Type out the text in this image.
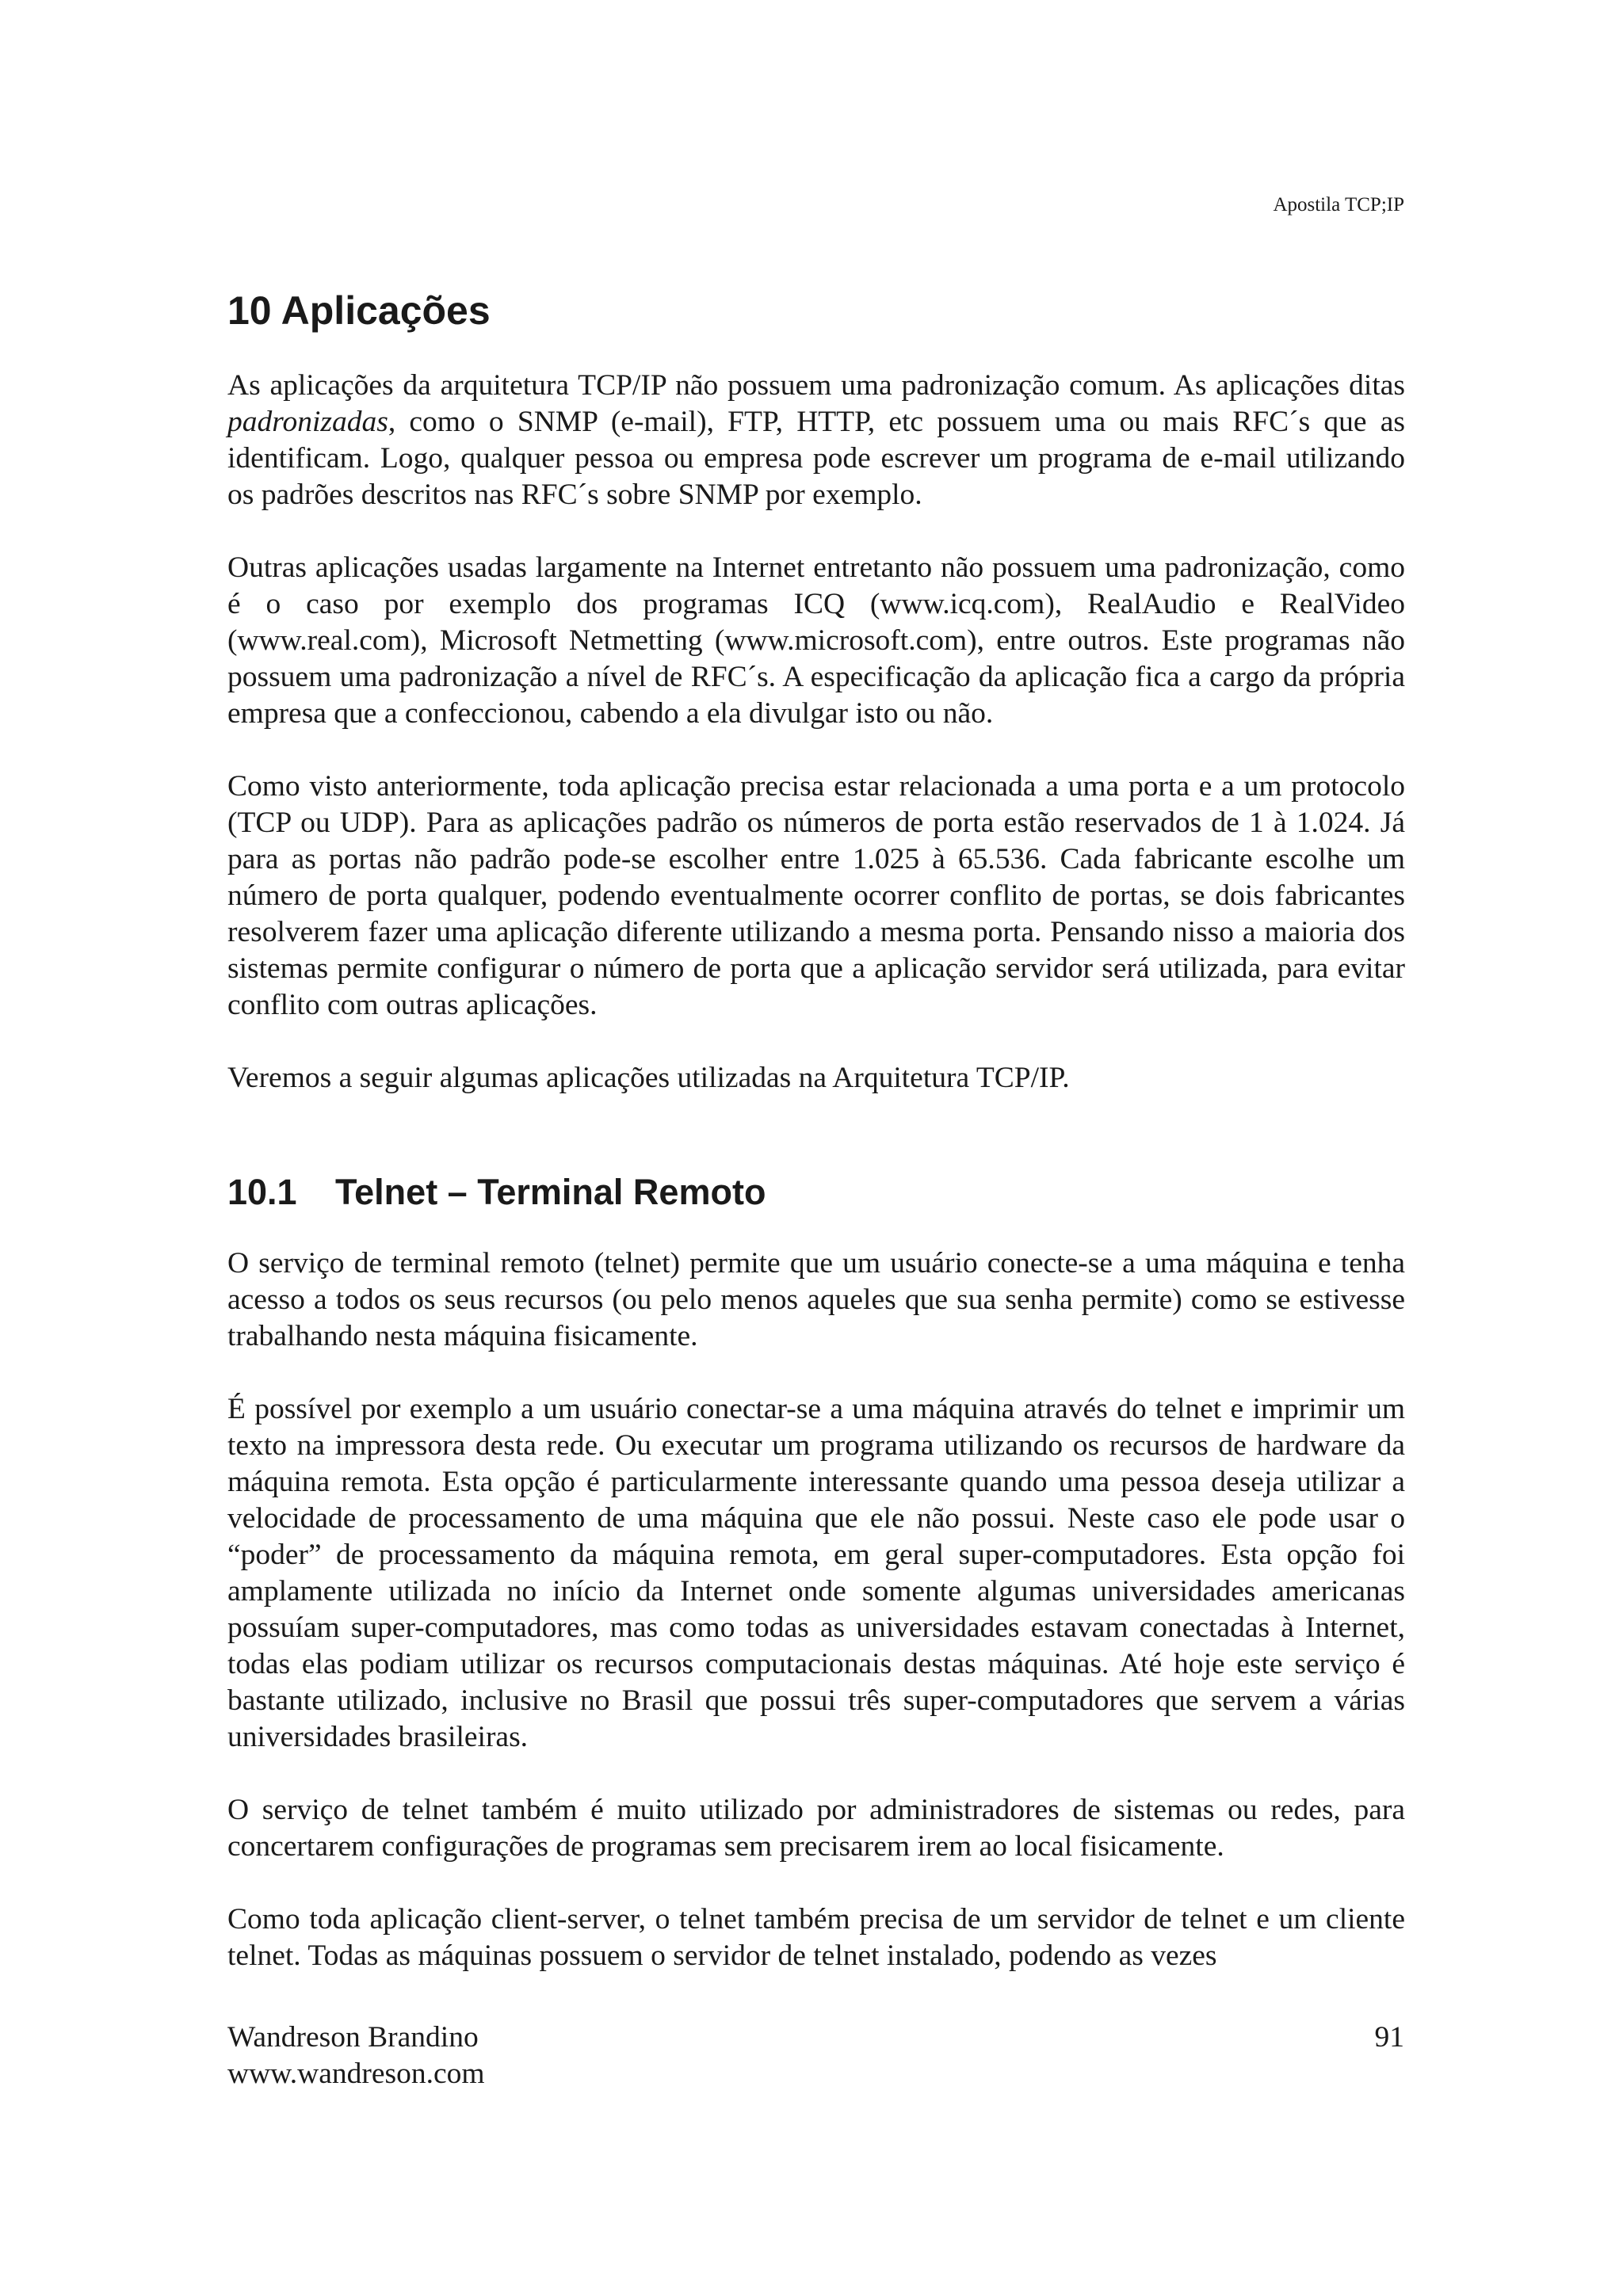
Apostila TCP;IP
10 Aplicações

As aplicações da arquitetura TCP/IP não possuem uma padronização comum. As aplicações ditas padronizadas, como o SNMP (e-mail), FTP, HTTP, etc possuem uma ou mais RFC´s que as identificam. Logo, qualquer pessoa ou empresa pode escrever um programa de e-mail utilizando os padrões descritos nas RFC´s sobre SNMP por exemplo.

Outras aplicações usadas largamente na Internet entretanto não possuem uma padronização, como é o caso por exemplo dos programas ICQ (www.icq.com), RealAudio e RealVideo (www.real.com), Microsoft Netmetting (www.microsoft.com), entre outros. Este programas não possuem uma padronização a nível de RFC´s. A especificação da aplicação fica a cargo da própria empresa que a confeccionou, cabendo a ela divulgar isto ou não.

Como visto anteriormente, toda aplicação precisa estar relacionada a uma porta e a um protocolo (TCP ou UDP). Para as aplicações padrão os números de porta estão reservados de 1 à 1.024. Já para as portas não padrão pode-se escolher entre 1.025 à 65.536. Cada fabricante escolhe um número de porta qualquer, podendo eventualmente ocorrer conflito de portas, se dois fabricantes resolverem fazer uma aplicação diferente utilizando a mesma porta. Pensando nisso a maioria dos sistemas permite configurar o número de porta que a aplicação servidor será utilizada, para evitar conflito com outras aplicações.

Veremos a seguir algumas aplicações utilizadas na Arquitetura TCP/IP.

10.1 Telnet – Terminal Remoto

O serviço de terminal remoto (telnet) permite que um usuário conecte-se a uma máquina e tenha acesso a todos os seus recursos (ou pelo menos aqueles que sua senha permite) como se estivesse trabalhando nesta máquina fisicamente.

É possível por exemplo a um usuário conectar-se a uma máquina através do telnet e imprimir um texto na impressora desta rede. Ou executar um programa utilizando os recursos de hardware da máquina remota. Esta opção é particularmente interessante quando uma pessoa deseja utilizar a velocidade de processamento de uma máquina que ele não possui. Neste caso ele pode usar o “poder” de processamento da máquina remota, em geral super-computadores. Esta opção foi amplamente utilizada no início da Internet onde somente algumas universidades americanas possuíam super-computadores, mas como todas as universidades estavam conectadas à Internet, todas elas podiam utilizar os recursos computacionais destas máquinas. Até hoje este serviço é bastante utilizado, inclusive no Brasil que possui três super-computadores que servem a várias universidades brasileiras.

O serviço de telnet também é muito utilizado por administradores de sistemas ou redes, para concertarem configurações de programas sem precisarem irem ao local fisicamente.

Como toda aplicação client-server, o telnet também precisa de um servidor de telnet e um cliente telnet. Todas as máquinas possuem o servidor de telnet instalado, podendo as vezes

Wandreson Brandino
www.wandreson.com
91
